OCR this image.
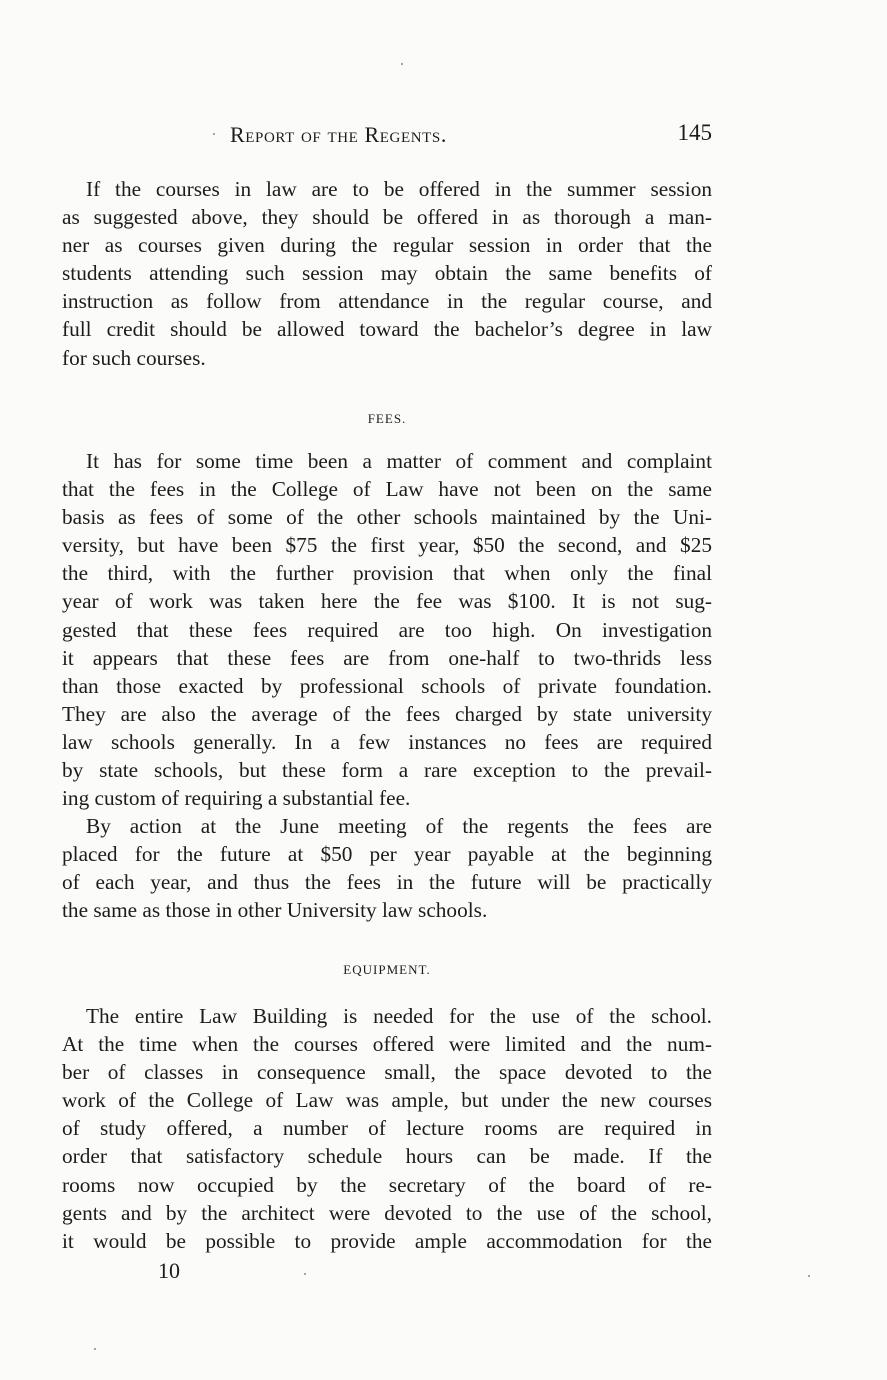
Report of the Regents.	145
If the courses in law are to be offered in the summer session
as suggested above, they should be offered in as thorough a man-
ner as courses given during the regular session in order that the
students attending such session may obtain the same benefits of
instruction as follow from attendance in the regular course, and
full credit should be allowed toward the bachelor’s degree in law
for such courses.
FEES.
It has for some time been a matter of comment and complaint
that the fees in the College of Law have not been on the same
basis as fees of some of the other schools maintained by the Uni-
versity, but have been $75 the first year, $50 the second, and $25
the third, with the further provision that when only the final
year of work was taken here the fee was $100. It is not sug-
gested that these fees required are too high. On investigation
it appears that these fees are from one-half to two-thrids less
than those exacted by professional schools of private foundation.
They are also the average of the fees charged by state university
law schools generally. In a few instances no fees are required
by state schools, but these form a rare exception to the prevail-
ing custom of requiring a substantial fee.
By action at the June meeting of the regents the fees are
placed for the future at $50 per year payable at the beginning
of each year, and thus the fees in the future will be practically
the same as those in other University law schools.
EQUIPMENT.
The entire Law Building is needed for the use of the school.
At the time when the courses offered were limited and the num-
ber of classes in consequence small, the space devoted to the
work of the College of Law was ample, but under the new courses
of study offered, a number of lecture rooms are required in
order that satisfactory schedule hours can be made. If the
rooms now occupied by the secretary of the board of re-
gents and by the architect were devoted to the use of the school,
it would be possible to provide ample accommodation for the
10
